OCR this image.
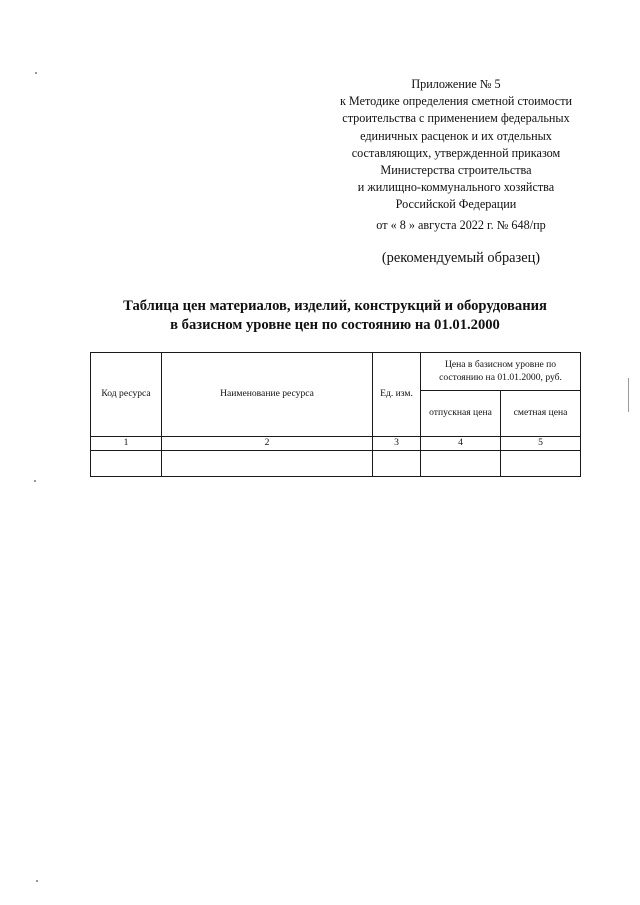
Приложение № 5
к Методике определения сметной стоимости
строительства с применением федеральных
единичных расценок и их отдельных
составляющих, утвержденной приказом
Министерства строительства
и жилищно-коммунального хозяйства
Российской Федерации
от « 8 » августа 2022 г. № 648/пр
(рекомендуемый образец)
Таблица цен материалов, изделий, конструкций и оборудования
в базисном уровне цен по состоянию на 01.01.2000
Код ресурса	Наименование ресурса	Ед. изм.	Цена в базисном уровне по состоянию на 01.01.2000, руб.	
			отпускная цена	сметная цена
1	2	3	4	5
